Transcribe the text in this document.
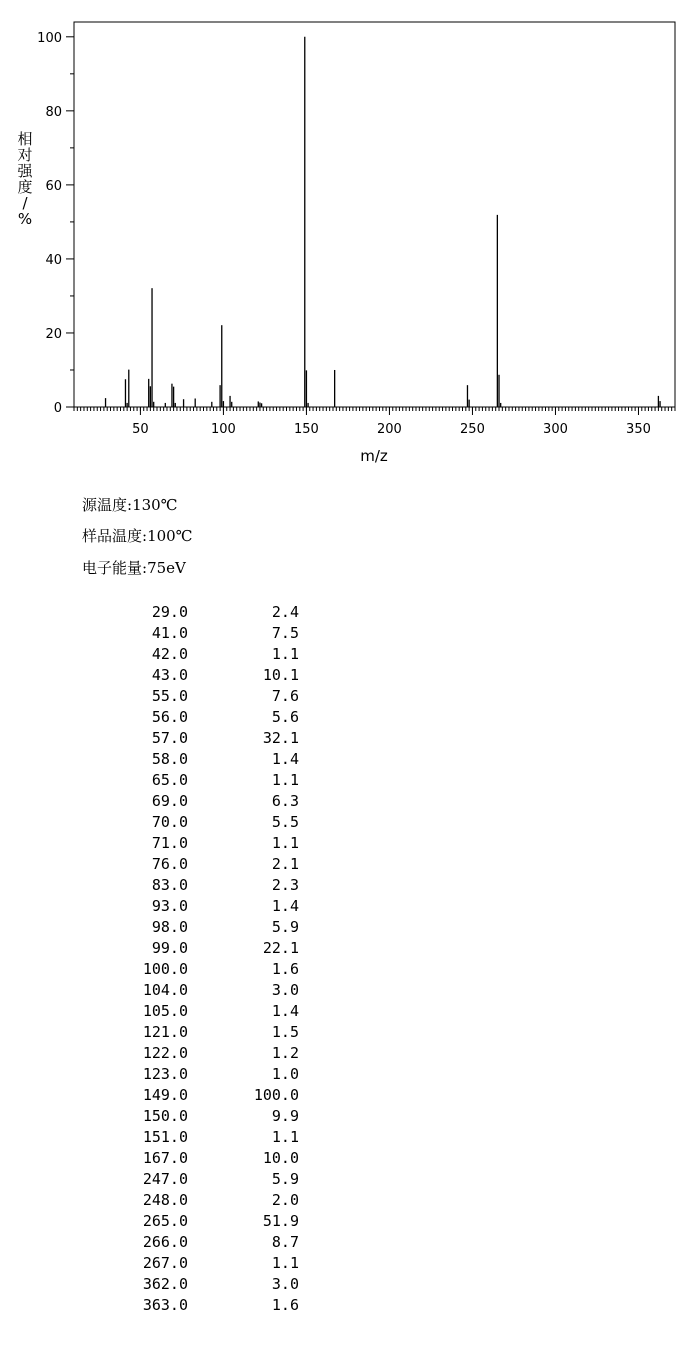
50	100	150	200	250	300	350
0
20
40
60
80
100
m/z
相
对
强
度
/
%
源温度:130℃
样品温度:100℃
电子能量:75eV
29.0	2.4
41.0	7.5
42.0	1.1
43.0	10.1
55.0	7.6
56.0	5.6
57.0	32.1
58.0	1.4
65.0	1.1
69.0	6.3
70.0	5.5
71.0	1.1
76.0	2.1
83.0	2.3
93.0	1.4
98.0	5.9
99.0	22.1
100.0	1.6
104.0	3.0
105.0	1.4
121.0	1.5
122.0	1.2
123.0	1.0
149.0	100.0
150.0	9.9
151.0	1.1
167.0	10.0
247.0	5.9
248.0	2.0
265.0	51.9
266.0	8.7
267.0	1.1
362.0	3.0
363.0	1.6
